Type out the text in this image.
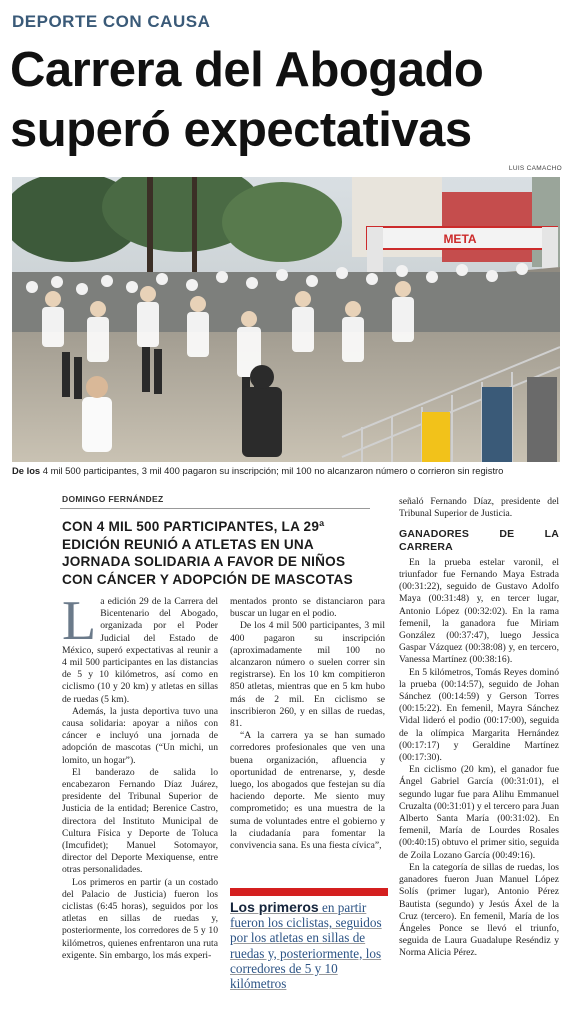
DEPORTE CON CAUSA
Carrera del Abogado superó expectativas
LUIS CAMACHO
META
De los 4 mil 500 participantes, 3 mil 400 pagaron su inscripción; mil 100 no alcanzaron número o corrieron sin registro
DOMINGO FERNÁNDEZ
CON 4 MIL 500 PARTICIPANTES, LA 29ª EDICIÓN REUNIÓ A ATLETAS EN UNA JORNADA SOLIDARIA A FAVOR DE NIÑOS CON CÁNCER Y ADOPCIÓN DE MASCOTAS

La edición 29 de la Carrera del Bicentenario del Abogado, organizada por el Poder Judicial del Estado de México, superó expectativas al reunir a 4 mil 500 participantes en las distancias de 5 y 10 kilómetros, así como en ciclismo (10 y 20 km) y atletas en sillas de ruedas (5 km).

Además, la justa deportiva tuvo una causa solidaria: apoyar a niños con cáncer e incluyó una jornada de adopción de mascotas (“Un michi, un lomito, un hogar”).

El banderazo de salida lo encabezaron Fernando Díaz Juárez, presidente del Tribunal Superior de Justicia de la entidad; Berenice Castro, directora del Instituto Municipal de Cultura Física y Deporte de Toluca (Imcufidet); Manuel Sotomayor, director del Deporte Mexiquense, entre otras personalidades.

Los primeros en partir (a un costado del Palacio de Justicia) fueron los ciclistas (6:45 horas), seguidos por los atletas en sillas de ruedas y, posteriormente, los corredores de 5 y 10 kilómetros, quienes enfrentaron una ruta exigente. Sin embargo, los más experi-

mentados pronto se distanciaron para buscar un lugar en el podio.

De los 4 mil 500 participantes, 3 mil 400 pagaron su inscripción (aproximadamente mil 100 no alcanzaron número o suelen correr sin registrarse). En los 10 km compitieron 850 atletas, mientras que en 5 km hubo más de 2 mil. En ciclismo se inscribieron 260, y en sillas de ruedas, 81.

“A la carrera ya se han sumado corredores profesionales que ven una buena organización, afluencia y oportunidad de entrenarse, y, desde luego, los abogados que festejan su día haciendo deporte. Me siento muy comprometido; es una muestra de la suma de voluntades entre el gobierno y la ciudadanía para fomentar la convivencia sana. Es una fiesta cívica”,

Los primeros en partir fueron los ciclistas, seguidos por los atletas en sillas de ruedas y, posteriormente, los corredores de 5 y 10 kilómetros

señaló Fernando Díaz, presidente del Tribunal Superior de Justicia.

GANADORES DE LA CARRERA

En la prueba estelar varonil, el triunfador fue Fernando Maya Estrada (00:31:22), seguido de Gustavo Adolfo Maya (00:31:48) y, en tercer lugar, Antonio López (00:32:02). En la rama femenil, la ganadora fue Miriam González (00:37:47), luego Jessica Gaspar Vázquez (00:38:08) y, en tercero, Vanessa Martínez (00:38:16).

En 5 kilómetros, Tomás Reyes dominó la prueba (00:14:57), seguido de Johan Sánchez (00:14:59) y Gerson Torres (00:15:22). En femenil, Mayra Sánchez Vidal lideró el podio (00:17:00), seguida de la olímpica Margarita Hernández (00:17:17) y Geraldine Martínez (00:17:30).

En ciclismo (20 km), el ganador fue Ángel Gabriel García (00:31:01), el segundo lugar fue para Alihu Emmanuel Cruzalta (00:31:01) y el tercero para Juan Alberto Santa María (00:31:02). En femenil, María de Lourdes Rosales (00:40:15) obtuvo el primer sitio, seguida de Zoila Lozano García (00:49:16).

En la categoría de sillas de ruedas, los ganadores fueron Juan Manuel López Solís (primer lugar), Antonio Pérez Bautista (segundo) y Jesús Áxel de la Cruz (tercero). En femenil, María de los Ángeles Ponce se llevó el triunfo, seguida de Laura Guadalupe Reséndiz y Norma Alicia Pérez.
